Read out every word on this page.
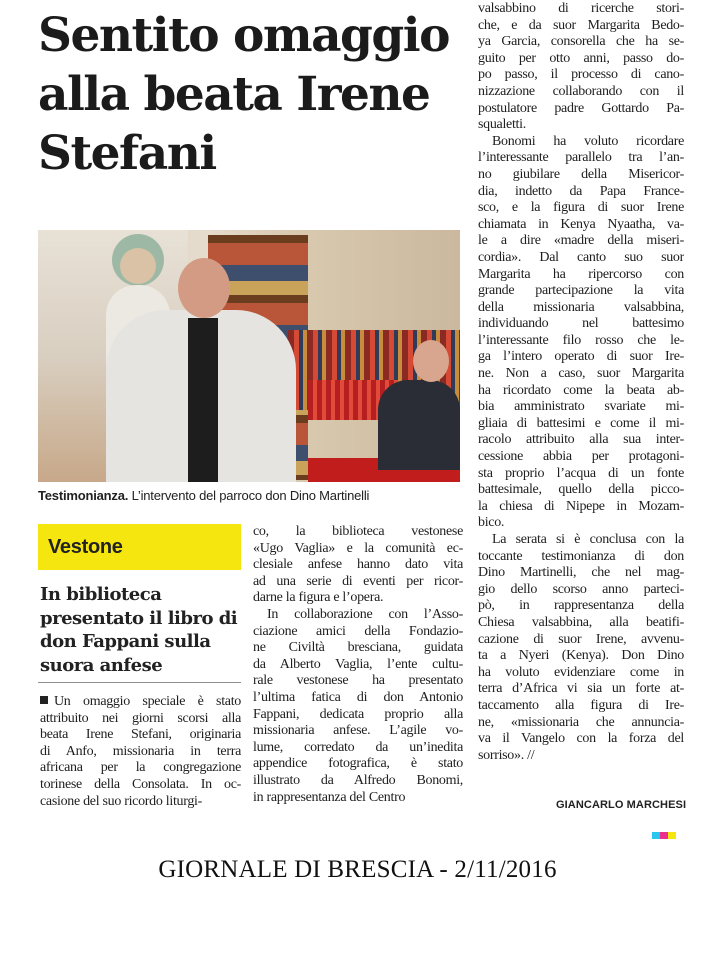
Sentito omaggio alla beata Irene Stefani

Testimonianza. L’intervento del parroco don Dino Martinelli

Vestone

In biblioteca presentato il libro di don Fappani sulla suora anfese

Un omaggio speciale è stato
attribuito nei giorni scorsi alla
beata Irene Stefani, originaria
di Anfo, missionaria in terra
africana per la congregazione
torinese della Consolata. In oc-
casione del suo ricordo liturgi-

co, la biblioteca vestonese
«Ugo Vaglia» e la comunità ec-
clesiale anfese hanno dato vita
ad una serie di eventi per ricor-
darne la figura e l’opera.
In collaborazione con l’Asso-
ciazione amici della Fondazio-
ne Civiltà bresciana, guidata
da Alberto Vaglia, l’ente cultu-
rale vestonese ha presentato
l’ultima fatica di don Antonio
Fappani, dedicata proprio alla
missionaria anfese. L’agile vo-
lume, corredato da un’inedita
appendice fotografica, è stato
illustrato da Alfredo Bonomi,
in rappresentanza del Centro

valsabbino di ricerche stori-
che, e da suor Margarita Bedo-
ya Garcia, consorella che ha se-
guito per otto anni, passo do-
po passo, il processo di cano-
nizzazione collaborando con il
postulatore padre Gottardo Pa-
squaletti.
Bonomi ha voluto ricordare
l’interessante parallelo tra l’an-
no giubilare della Misericor-
dia, indetto da Papa France-
sco, e la figura di suor Irene
chiamata in Kenya Nyaatha, va-
le a dire «madre della miseri-
cordia». Dal canto suo suor
Margarita ha ripercorso con
grande partecipazione la vita
della missionaria valsabbina,
individuando nel battesimo
l’interessante filo rosso che le-
ga l’intero operato di suor Ire-
ne. Non a caso, suor Margarita
ha ricordato come la beata ab-
bia amministrato svariate mi-
gliaia di battesimi e come il mi-
racolo attribuito alla sua inter-
cessione abbia per protagoni-
sta proprio l’acqua di un fonte
battesimale, quello della picco-
la chiesa di Nipepe in Mozam-
bico.
La serata si è conclusa con la
toccante testimonianza di don
Dino Martinelli, che nel mag-
gio dello scorso anno parteci-
pò, in rappresentanza della
Chiesa valsabbina, alla beatifi-
cazione di suor Irene, avvenu-
ta a Nyeri (Kenya). Don Dino
ha voluto evidenziare come in
terra d’Africa vi sia un forte at-
taccamento alla figura di Ire-
ne, «missionaria che annuncia-
va il Vangelo con la forza del
sorriso». //

GIANCARLO MARCHESI

GIORNALE DI BRESCIA - 2/11/2016
